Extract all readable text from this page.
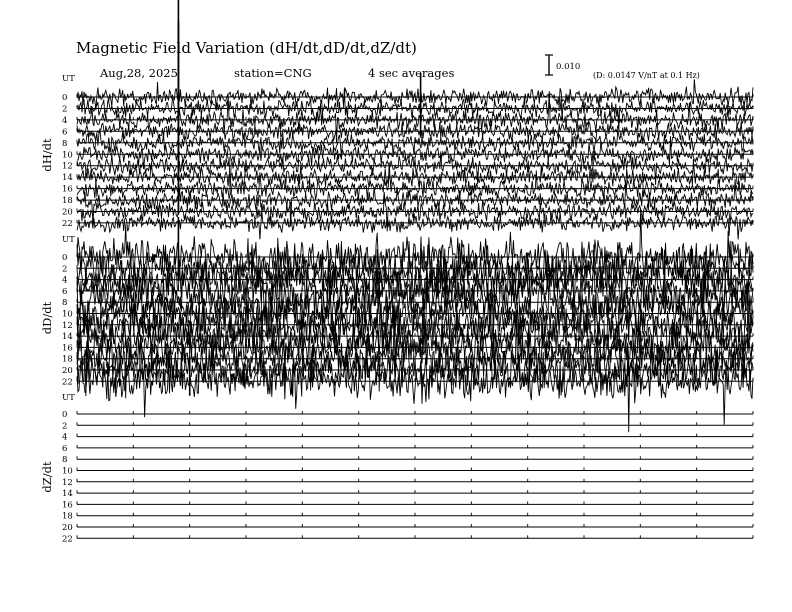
Magnetic Field Variation (dH/dt,dD/dt,dZ/dt)
Aug,28, 2025	station=CNG	4 sec averages	0.010
(D: 0.0147 V/nT at 0.1 Hz)
UT
dH/dt
0
2
4
6
8
10
12
14
16
18
20
22
UT
dD/dt
0
2
4
6
8
10
12
14
16
18
20
22
UT
dZ/dt
0
2
4
6
8
10
12
14
16
18
20
22
